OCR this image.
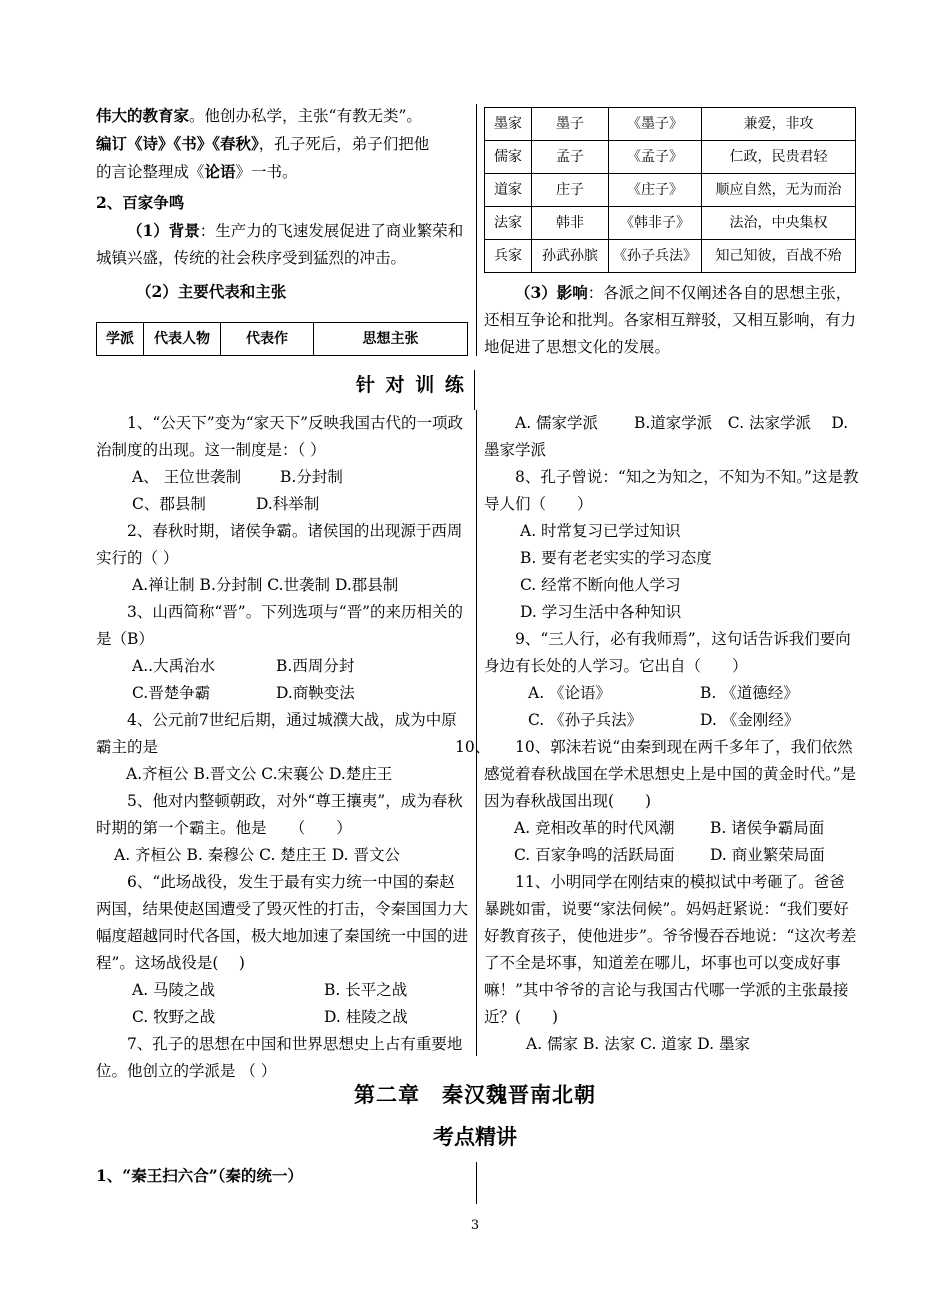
伟大的教育家。他创办私学，主张“有教无类”。
编订《诗》《书》《春秋》，孔子死后，弟子们把他
的言论整理成《论语》一书。

2、百家争鸣

（1）背景：生产力的飞速发展促进了商业繁荣和城镇兴盛，传统的社会秩序受到猛烈的冲击。

（2）主要代表和主张

学派	代表人物	代表作	思想主张
墨家	墨子	《墨子》	兼爱，非攻
儒家	孟子	《孟子》	仁政，民贵君轻
道家	庄子	《庄子》	顺应自然，无为而治
法家	韩非	《韩非子》	法治，中央集权
兵家	孙武孙膑	《孙子兵法》	知己知彼，百战不殆

（3）影响：各派之间不仅阐述各自的思想主张，还相互争论和批判。各家相互辩驳，又相互影响，有力地促进了思想文化的发展。

针 对 训 练

1、“公天下”变为“家天下”反映我国古代的一项政治制度的出现。这一制度是：（ ）

A、 王位世袭制	B.分封制
C、郡县制	D.科举制

2、春秋时期，诸侯争霸。诸侯国的出现源于西周实行的（ ）

A.禅让制 B.分封制 C.世袭制 D.郡县制

3、山西简称“晋”。下列选项与“晋”的来历相关的是（B）

A..大禹治水	B.西周分封
C.晋楚争霸	D.商鞅变法

4、公元前7世纪后期，通过城濮大战，成为中原霸主的是

A.齐桓公 B.晋文公 C.宋襄公 D.楚庄王

5、他对内整顿朝政，对外“尊王攘夷”，成为春秋时期的第一个霸主。他是　　（　　）

A. 齐桓公 B. 秦穆公 C. 楚庄王 D. 晋文公

6、“此场战役，发生于最有实力统一中国的秦赵两国，结果使赵国遭受了毁灭性的打击，令秦国国力大幅度超越同时代各国，极大地加速了秦国统一中国的进程”。这场战役是(　 )

A. 马陵之战	B. 长平之战
C. 牧野之战	D. 桂陵之战

7、孔子的思想在中国和世界思想史上占有重要地位。他创立的学派是 （ ）

A. 儒家学派　　 B.道家学派　C. 法家学派　 D. 墨家学派

8、孔子曾说：“知之为知之，不知为不知。”这是教导人们（　　）

A. 时常复习已学过知识

B. 要有老老实实的学习态度

C. 经常不断向他人学习

D. 学习生活中各种知识

9、“三人行，必有我师焉”，这句话告诉我们要向身边有长处的人学习。它出自（　　）

A. 《论语》	B. 《道德经》
C. 《孙子兵法》	D. 《金刚经》

10、郭沫若说“由秦到现在两千多年了，我们依然感觉着春秋战国在学术思想史上是中国的黄金时代。”是因为春秋战国出现(　　)

A. 竞相改革的时代风潮	B. 诸侯争霸局面
C. 百家争鸣的活跃局面	D. 商业繁荣局面

11、小明同学在刚结束的模拟试中考砸了。爸爸暴跳如雷，说要“家法伺候”。妈妈赶紧说：“我们要好好教育孩子，使他进步”。爷爷慢吞吞地说：“这次考差了不全是坏事，知道差在哪儿，坏事也可以变成好事嘛！”其中爷爷的言论与我国古代哪一学派的主张最接近？(　　)

A. 儒家 B. 法家 C. 道家 D. 墨家

10、
第二章　秦汉魏晋南北朝
考点精讲
1、“秦王扫六合”（秦的统一）
3
